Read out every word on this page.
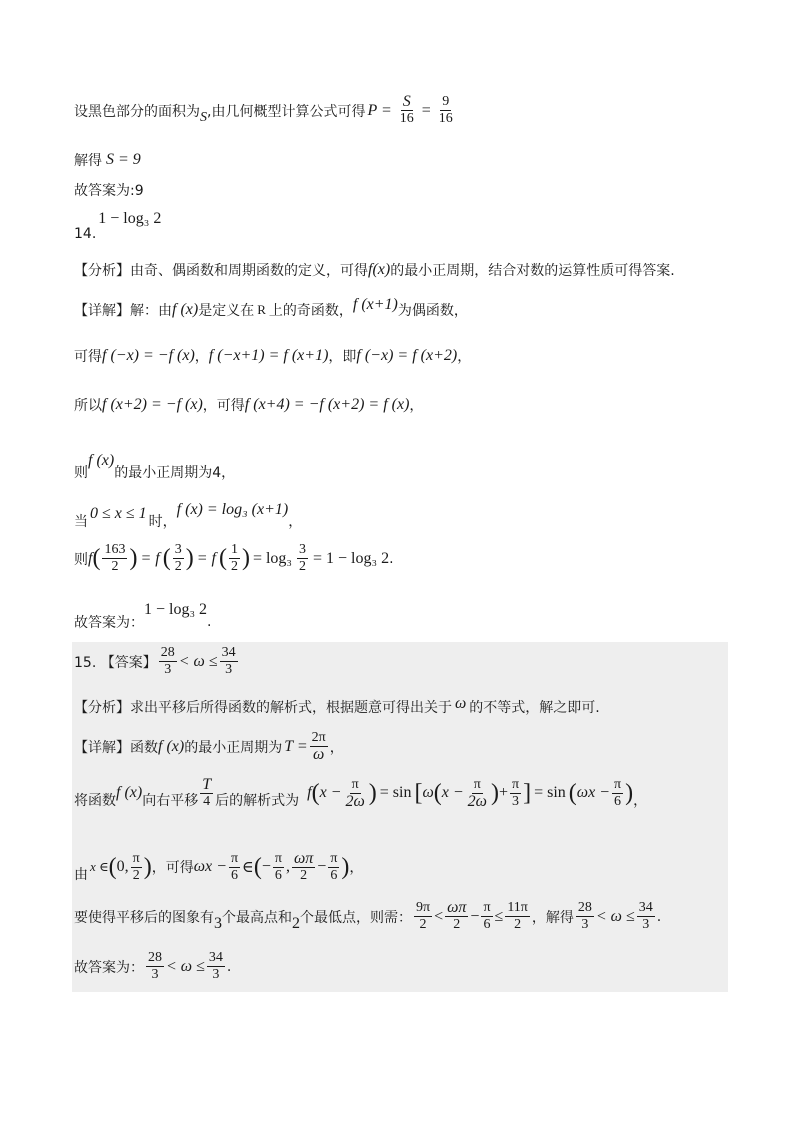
设黑色部分的面积为 S ,由几何概型计算公式可得 $P = \frac{S}{16} = \frac{9}{16}$
解得 S = 9
故答案为:9
14.
1 − log₃ 2
【分析】由奇、偶函数和周期函数的定义，可得 f(x) 的最小正周期，结合对数的运算性质可得答案.
【详解】解：由 f (x) 是定义在 R 上的奇函数， f (x+1) 为偶函数，
可得 f (−x) = −f (x) ， f (−x+1) = f (x+1) ，即 f (−x) = f (x+2) ，
所以 f (x+2) = −f (x) ，可得 f (x+4) = −f (x+2) = f (x) ，
则
f (x)
的最小正周期为4，
当 0 ≤ x ≤ 1 时，
f (x) = log₃ (x+1)
，
则 f ( $\frac{163}{2}$ ) = f ( $\frac{3}{2}$ ) = f ( $\frac{1}{2}$ ) = $\log_3 \frac{3}{2} = 1 - \log_3$ 2 .
故答案为：
1 − log₃ 2
.
15. 【答案】 $\frac{28}{3} < \omega \le \frac{34}{3}$
【分析】求出平移后所得函数的解析式，根据题意可得出关于 ω 的不等式，解之即可.
【详解】函数 f (x) 的最小正周期为 $T = \frac{2\pi}{\omega}$ ，
将函数 f (x) 向右平移 $\frac{T}{4}$ 后的解析式为 f ( $x - \frac{\pi}{2\omega}$ ) = sin [ ω ( $x - \frac{\pi}{2\omega}$ ) + $\frac{\pi}{3}$ ] = sin ( $\omega x - \frac{\pi}{6}$ ) ，
由
x ∈ ( 0, $\frac{\pi}{2}$ ) ，可得 $\omega x - \frac{\pi}{6}$ ∈ ( − $\frac{\pi}{6}$ , $\frac{\omega\pi}{2} - \frac{\pi}{6}$ ) ，
要使得平移后的图象有 3 个最高点和 2 个最低点，则需： $\frac{9\pi}{2} < \frac{\omega\pi}{2} - \frac{\pi}{6} \le \frac{11\pi}{2}$ ，解得 $\frac{28}{3} < \omega \le \frac{34}{3}$ .
故答案为： $\frac{28}{3} < \omega \le \frac{34}{3}$ .
